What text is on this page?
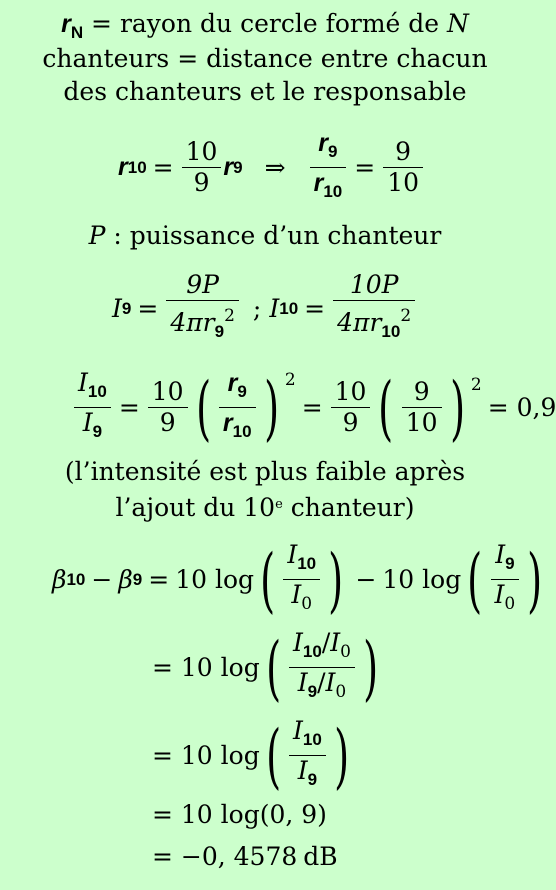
$r_N$ = rayon du cercle formé de N
chanteurs = distance entre chacun
des chanteurs et le responsable
r $10 = \frac{10}{9}$ r 9 ⇒ $\frac{r_9}{r_{10}} = \frac{9}{10}$
P : puissance d’un chanteur
I $9 = \frac{9P}{4\pi r_9^2}$ ; I $10 = \frac{10P}{4\pi r_{10}^2}$
$\frac{I_{10}}{I_9} = \frac{10}{9}$ ( $\frac{r_9}{r_{10}}$ ) $^2$
= $\frac{10}{9}$ ( $\frac{9}{10}$ ) $^2$
= 0,9
(l’intensité est plus faible après
l’ajout du 10e chanteur)
β 10 − β 9 = 10 log ( $\frac{I_{10}}{I_0}$ ) − 10 log ( $\frac{I_9}{I_0}$ )
= 10 log ( $\frac{I_{10}/I_0}{I_9/I_0}$ )
= 10 log ( $\frac{I_{10}}{I_9}$ )
= 10 log(0, 9)
= −0, 4578 dB
